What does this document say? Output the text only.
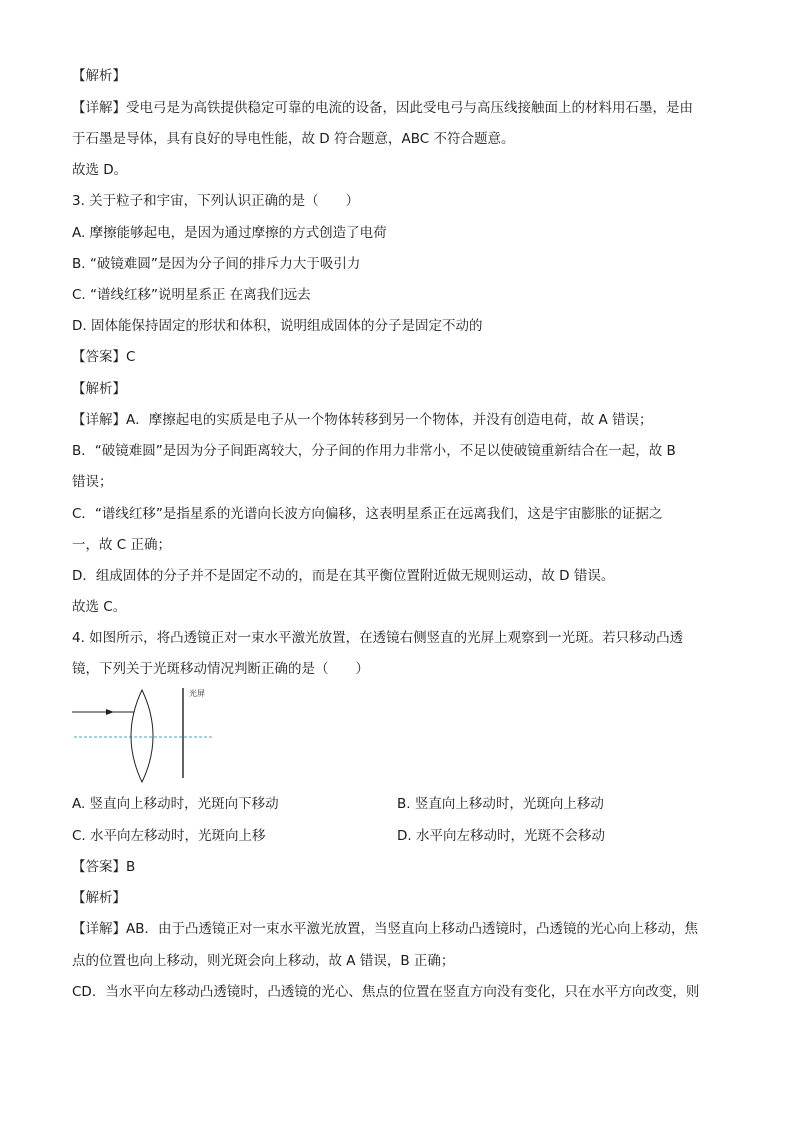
【解析】
【详解】受电弓是为高铁提供稳定可靠的电流的设备，因此受电弓与高压线接触面上的材料用石墨，是由
于石墨是导体，具有良好的导电性能，故 D 符合题意，ABC 不符合题意。
故选 D。
3. 关于粒子和宇宙，下列认识正确的是（　　）
A. 摩擦能够起电，是因为通过摩擦的方式创造了电荷
B. “破镜难圆”是因为分子间的排斥力大于吸引力
C. “谱线红移”说明星系正 在离我们远去
D. 固体能保持固定的形状和体积，说明组成固体的分子是固定不动的
【答案】C
【解析】
【详解】A．摩擦起电的实质是电子从一个物体转移到另一个物体，并没有创造电荷，故 A 错误；
B．“破镜难圆”是因为分子间距离较大，分子间的作用力非常小，不足以使破镜重新结合在一起，故 B
错误；
C．“谱线红移”是指星系的光谱向长波方向偏移，这表明星系正在远离我们，这是宇宙膨胀的证据之
一，故 C 正确；
D．组成固体的分子并不是固定不动的，而是在其平衡位置附近做无规则运动，故 D 错误。
故选 C。
4. 如图所示，将凸透镜正对一束水平激光放置，在透镜右侧竖直的光屏上观察到一光斑。若只移动凸透
镜，下列关于光斑移动情况判断正确的是（　　）
光屏
A. 竖直向上移动时，光斑向下移动	B. 竖直向上移动时，光斑向上移动
C. 水平向左移动时，光斑向上移	D. 水平向左移动时，光斑不会移动
【答案】B
【解析】
【详解】AB．由于凸透镜正对一束水平激光放置，当竖直向上移动凸透镜时，凸透镜的光心向上移动，焦
点的位置也向上移动，则光斑会向上移动，故 A 错误，B 正确；
CD．当水平向左移动凸透镜时，凸透镜的光心、焦点的位置在竖直方向没有变化，只在水平方向改变，则
